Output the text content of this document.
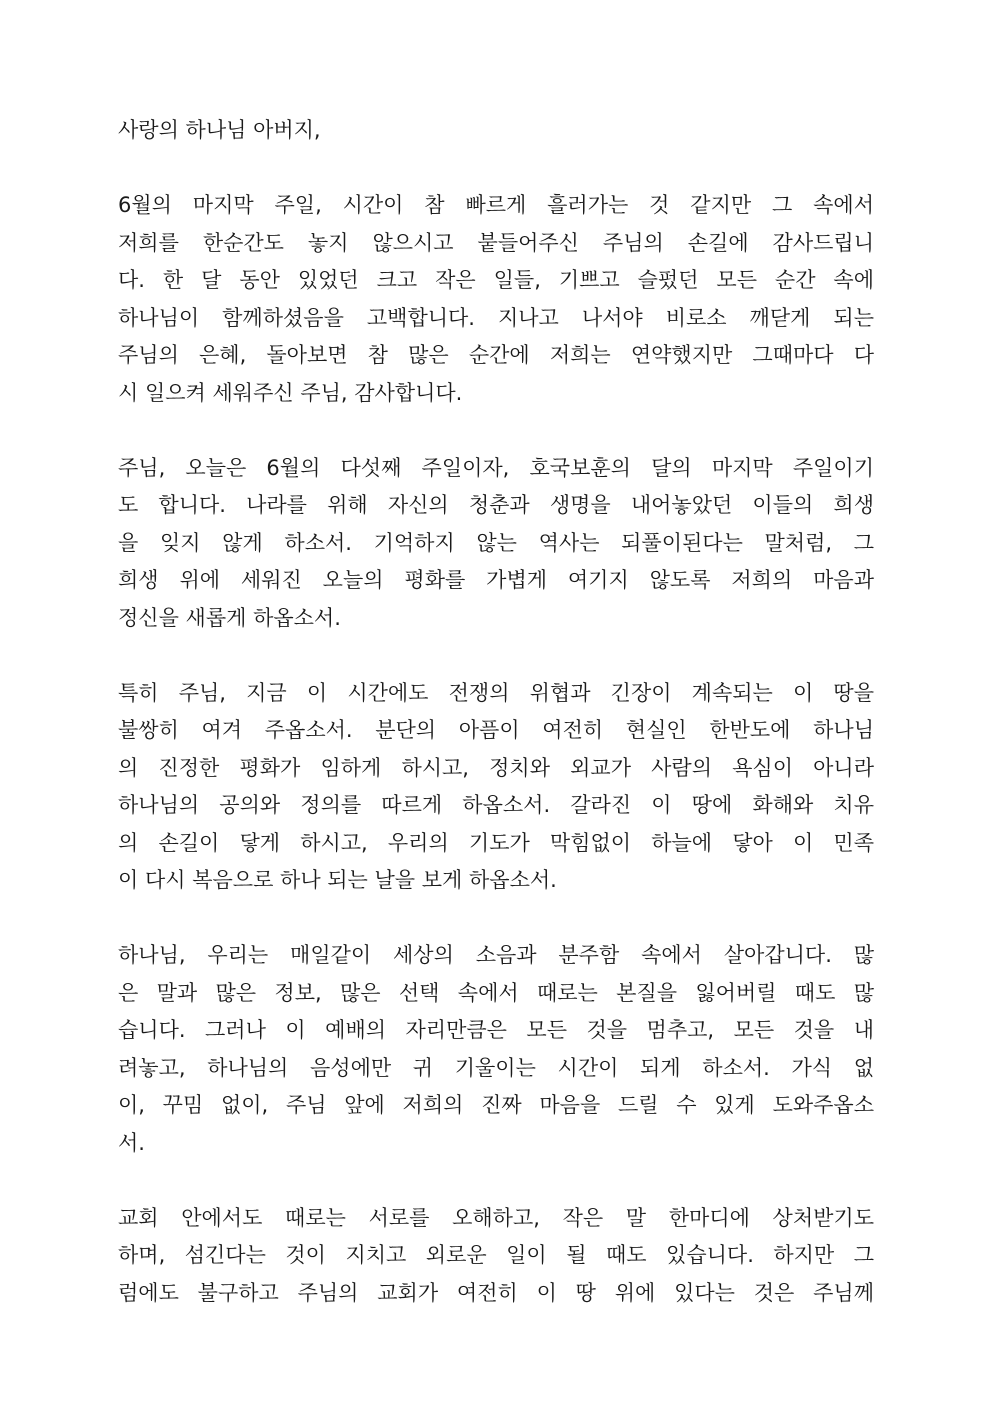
사랑의 하나님 아버지,
6월의 마지막 주일, 시간이 참 빠르게 흘러가는 것 같지만 그 속에서
저희를 한순간도 놓지 않으시고 붙들어주신 주님의 손길에 감사드립니
다. 한 달 동안 있었던 크고 작은 일들, 기쁘고 슬펐던 모든 순간 속에
하나님이 함께하셨음을 고백합니다. 지나고 나서야 비로소 깨닫게 되는
주님의 은혜, 돌아보면 참 많은 순간에 저희는 연약했지만 그때마다 다
시 일으켜 세워주신 주님, 감사합니다.
주님, 오늘은 6월의 다섯째 주일이자, 호국보훈의 달의 마지막 주일이기
도 합니다. 나라를 위해 자신의 청춘과 생명을 내어놓았던 이들의 희생
을 잊지 않게 하소서. 기억하지 않는 역사는 되풀이된다는 말처럼, 그
희생 위에 세워진 오늘의 평화를 가볍게 여기지 않도록 저희의 마음과
정신을 새롭게 하옵소서.
특히 주님, 지금 이 시간에도 전쟁의 위협과 긴장이 계속되는 이 땅을
불쌍히 여겨 주옵소서. 분단의 아픔이 여전히 현실인 한반도에 하나님
의 진정한 평화가 임하게 하시고, 정치와 외교가 사람의 욕심이 아니라
하나님의 공의와 정의를 따르게 하옵소서. 갈라진 이 땅에 화해와 치유
의 손길이 닿게 하시고, 우리의 기도가 막힘없이 하늘에 닿아 이 민족
이 다시 복음으로 하나 되는 날을 보게 하옵소서.
하나님, 우리는 매일같이 세상의 소음과 분주함 속에서 살아갑니다. 많
은 말과 많은 정보, 많은 선택 속에서 때로는 본질을 잃어버릴 때도 많
습니다. 그러나 이 예배의 자리만큼은 모든 것을 멈추고, 모든 것을 내
려놓고, 하나님의 음성에만 귀 기울이는 시간이 되게 하소서. 가식 없
이, 꾸밈 없이, 주님 앞에 저희의 진짜 마음을 드릴 수 있게 도와주옵소
서.
교회 안에서도 때로는 서로를 오해하고, 작은 말 한마디에 상처받기도
하며, 섬긴다는 것이 지치고 외로운 일이 될 때도 있습니다. 하지만 그
럼에도 불구하고 주님의 교회가 여전히 이 땅 위에 있다는 것은 주님께
